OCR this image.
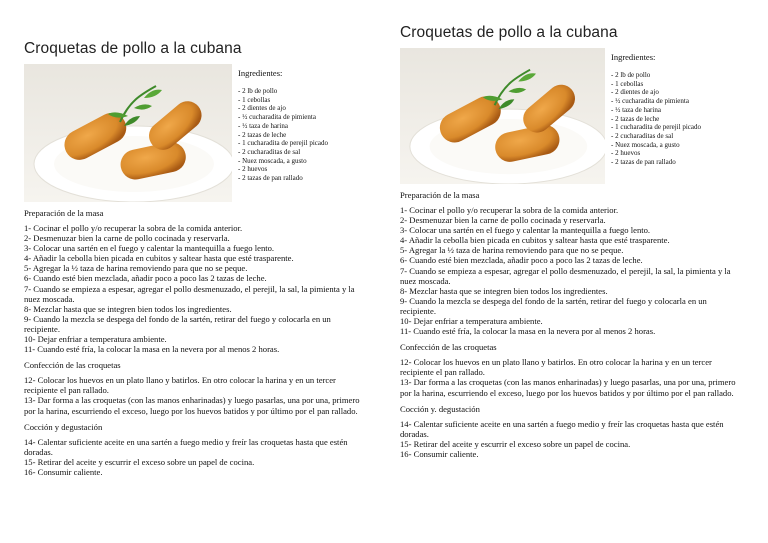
Croquetas de pollo a la cubana
Ingredientes:
- 2 lb de pollo
- 1 cebollas
- 2 dientes de ajo
- ½ cucharadita de pimienta
- ½ taza de harina
- 2 tazas de leche
- 1 cucharadita de perejil picado
- 2 cucharaditas de sal
- Nuez moscada, a gusto
- 2 huevos
- 2 tazas de pan rallado
Preparación de la masa

1- Cocinar el pollo y/o recuperar la sobra de la comida anterior.

2- Desmenuzar bien la carne de pollo cocinada y reservarla.

3- Colocar una sartén en el fuego y calentar la mantequilla a fuego lento.

4- Añadir la cebolla bien picada en cubitos y saltear hasta que esté trasparente.

5- Agregar la ½ taza de harina removiendo para que no se peque.

6- Cuando esté bien mezclada, añadir poco a poco las 2 tazas de leche.

7- Cuando se empieza a espesar, agregar el pollo desmenuzado, el perejil, la sal, la pimienta y la nuez moscada.

8- Mezclar hasta que se integren bien todos los ingredientes.

9- Cuando la mezcla se despega del fondo de la sartén, retirar del fuego y colocarla en un recipiente.

10- Dejar enfriar a temperatura ambiente.

11- Cuando esté fría, la colocar la masa en la nevera por al menos 2 horas.

Confección de las croquetas

12- Colocar los huevos en un plato llano y batirlos. En otro colocar la harina y en un tercer recipiente el pan rallado.

13- Dar forma a las croquetas (con las manos enharinadas) y luego pasarlas, una por una, primero por la harina, escurriendo el exceso, luego por los huevos batidos y por último por el pan rallado.

Cocción y degustación

14- Calentar suficiente aceite en una sartén a fuego medio y freír las croquetas hasta que estén doradas.

15- Retirar del aceite y escurrir el exceso sobre un papel de cocina.

16- Consumir caliente.

Croquetas de pollo a la cubana
Ingredientes:
- 2 lb de pollo
- 1 cebollas
- 2 dientes de ajo
- ½ cucharadita de pimienta
- ½ taza de harina
- 2 tazas de leche
- 1 cucharadita de perejil picado
- 2 cucharaditas de sal
- Nuez moscada, a gusto
- 2 huevos
- 2 tazas de pan rallado
Preparación de la masa

1- Cocinar el pollo y/o recuperar la sobra de la comida anterior.

2- Desmenuzar bien la carne de pollo cocinada y reservarla.

3- Colocar una sartén en el fuego y calentar la mantequilla a fuego lento.

4- Añadir la cebolla bien picada en cubitos y saltear hasta que esté trasparente.

5- Agregar la ½ taza de harina removiendo para que no se peque.

6- Cuando esté bien mezclada, añadir poco a poco las 2 tazas de leche.

7- Cuando se empieza a espesar, agregar el pollo desmenuzado, el perejil, la sal, la pimienta y la nuez moscada.

8- Mezclar hasta que se integren bien todos los ingredientes.

9- Cuando la mezcla se despega del fondo de la sartén, retirar del fuego y colocarla en un recipiente.

10- Dejar enfriar a temperatura ambiente.

11- Cuando esté fría, la colocar la masa en la nevera por al menos 2 horas.

Confección de las croquetas

12- Colocar los huevos en un plato llano y batirlos. En otro colocar la harina y en un tercer recipiente el pan rallado.

13- Dar forma a las croquetas (con las manos enharinadas) y luego pasarlas, una por una, primero por la harina, escurriendo el exceso, luego por los huevos batidos y por último por el pan rallado.

Cocción y. degustación

14- Calentar suficiente aceite en una sartén a fuego medio y freír las croquetas hasta que estén doradas.

15- Retirar del aceite y escurrir el exceso sobre un papel de cocina.

16- Consumir caliente.
